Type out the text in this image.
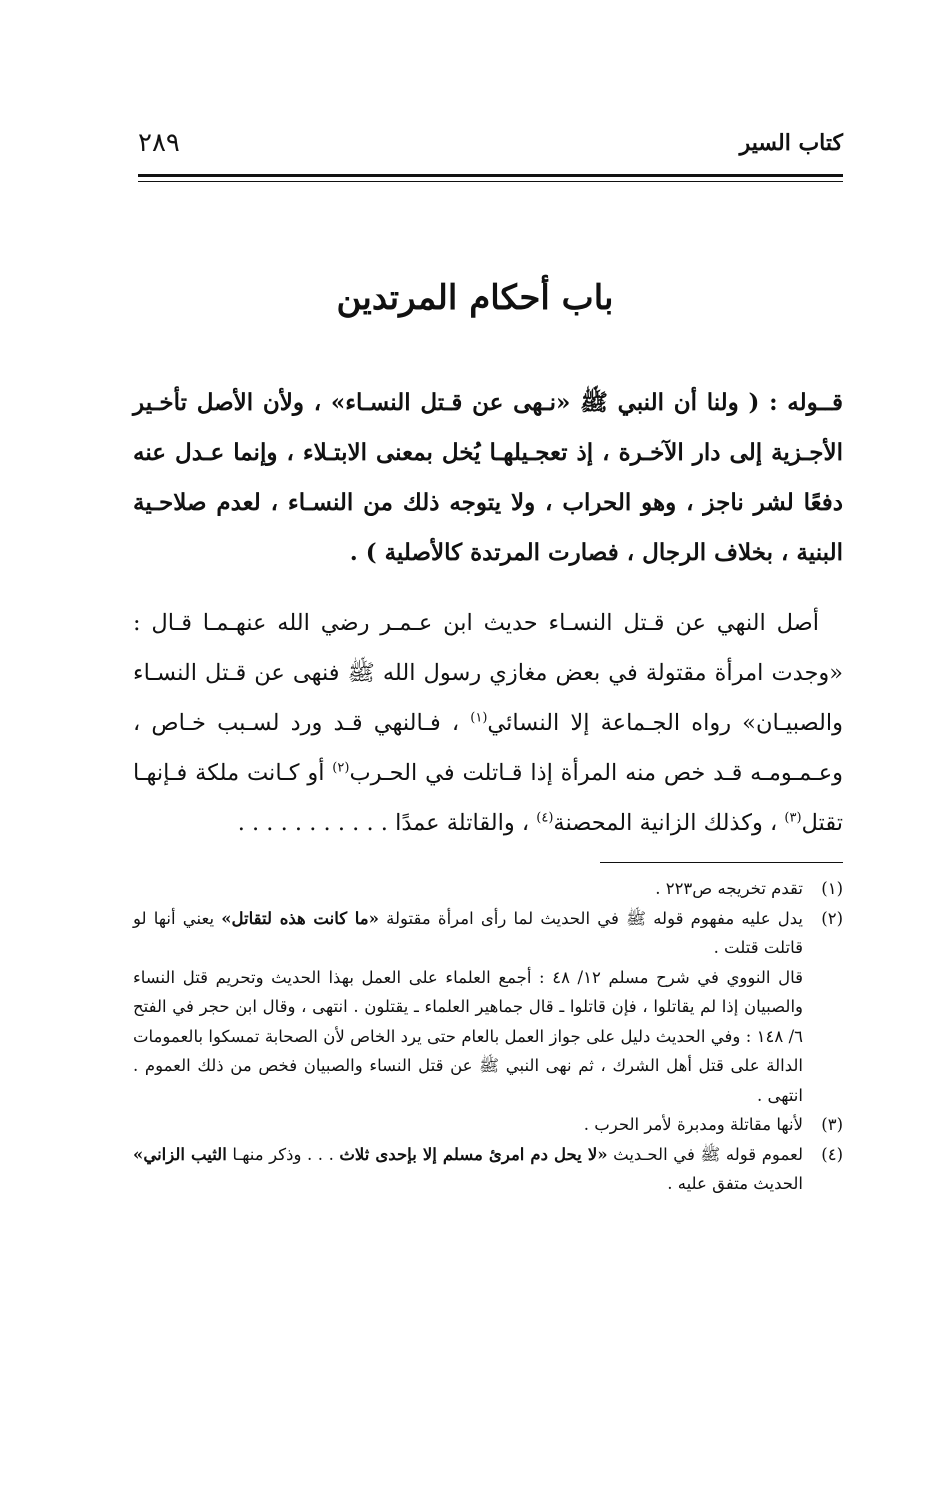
كتاب السير
٢٨٩
باب أحكام المرتدين
قــوله : ( ولنا أن النبي ﷺ «نـهى عن قـتل النسـاء» ، ولأن الأصل تأخـير الأجـزية إلى دار الآخـرة ، إذ تعجـيلهـا يُخل بمعنى الابتـلاء ، وإنما عـدل عنه دفعًا لشر ناجز ، وهو الحراب ، ولا يتوجه ذلك من النسـاء ، لعدم صلاحـية البنية ، بخلاف الرجال ، فصارت المرتدة كالأصلية ) .
أصل النهي عن قـتل النسـاء حديث ابن عـمـر رضي الله عنهـمـا قـال : «وجدت امرأة مقتولة في بعض مغازي رسول الله ﷺ فنهى عن قـتل النسـاء والصبيـان» رواه الجـماعة إلا النسائي$^{(١)}$ ، فـالنهي قـد ورد لسـبب خـاص ، وعـمـومـه قـد خص منه المرأة إذا قـاتلت في الحـرب$^{(٢)}$ أو كـانت ملكة فـإنهـا تقتل$^{(٣)}$ ، وكذلك الزانية المحصنة$^{(٤)}$ ، والقاتلة عمدًا . . . . . . . . . . .
(١)
تقدم تخريجه ص٢٢٣ .
(٢)
يدل عليه مفهوم قوله ﷺ في الحديث لما رأى امرأة مقتولة «ما كانت هذه لتقاتل» يعني أنها لو قاتلت قتلت .
قال النووي في شرح مسلم ١٢/ ٤٨ : أجمع العلماء على العمل بهذا الحديث وتحريم قتل النساء والصبيان إذا لم يقاتلوا ، فإن قاتلوا ـ قال جماهير العلماء ـ يقتلون . انتهى ، وقال ابن حجر في الفتح ٦/ ١٤٨ : وفي الحديث دليل على جواز العمل بالعام حتى يرد الخاص لأن الصحابة تمسكوا بالعمومات الدالة على قتل أهل الشرك ، ثم نهى النبي ﷺ عن قتل النساء والصبيان فخص من ذلك العموم . انتهى .
(٣)
لأنها مقاتلة ومدبرة لأمر الحرب .
(٤)
لعموم قوله ﷺ في الحـديث «لا يحل دم امرئ مسلم إلا بإحدى ثلاث . . . وذكر منهـا الثيب الزاني» الحديث متفق عليه .
